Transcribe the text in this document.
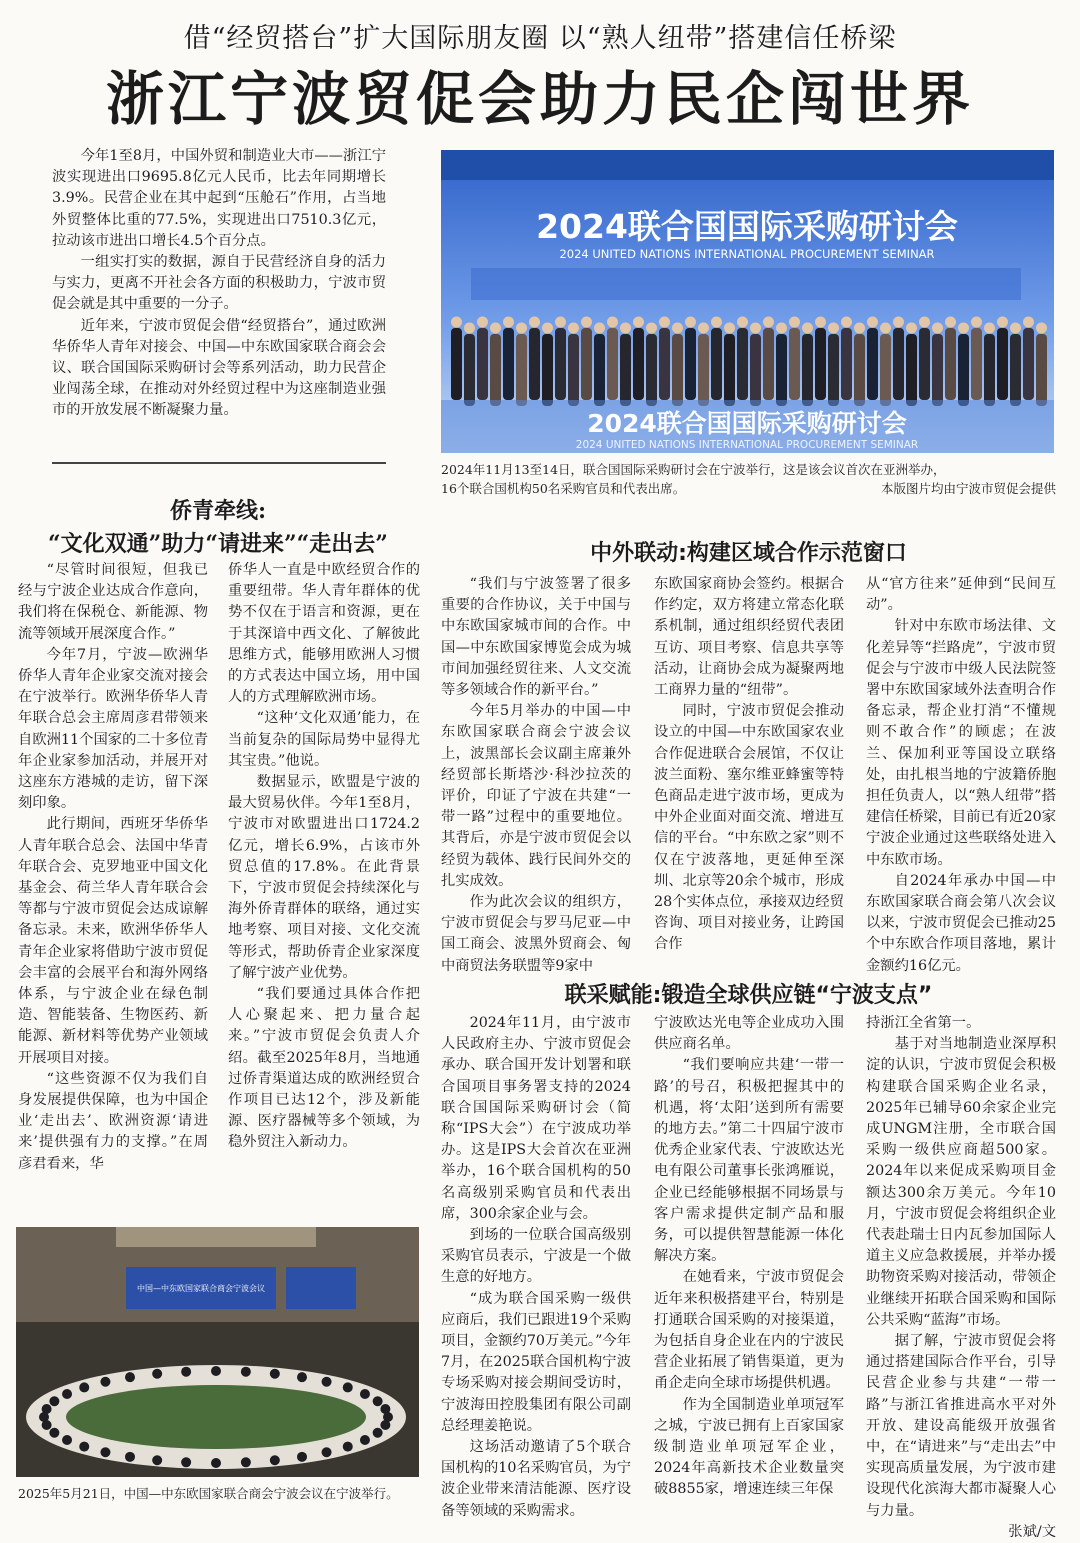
借“经贸搭台”扩大国际朋友圈 以“熟人纽带”搭建信任桥梁
浙江宁波贸促会助力民企闯世界

今年1至8月，中国外贸和制造业大市——浙江宁波实现进出口9695.8亿元人民币，比去年同期增长3.9%。民营企业在其中起到“压舱石”作用，占当地外贸整体比重的77.5%，实现进出口7510.3亿元，拉动该市进出口增长4.5个百分点。

一组实打实的数据，源自于民营经济自身的活力与实力，更离不开社会各方面的积极助力，宁波市贸促会就是其中重要的一分子。

近年来，宁波市贸促会借“经贸搭台”，通过欧洲华侨华人青年对接会、中国—中东欧国家联合商会会议、联合国国际采购研讨会等系列活动，助力民营企业闯荡全球，在推动对外经贸过程中为这座制造业强市的开放发展不断凝聚力量。

2024联合国国际采购研讨会
2024 UNITED NATIONS INTERNATIONAL PROCUREMENT SEMINAR
2024联合国国际采购研讨会
2024 UNITED NATIONS INTERNATIONAL PROCUREMENT SEMINAR
2024年11月13至14日，联合国国际采购研讨会在宁波举行，这是该会议首次在亚洲举办，
16个联合国机构50名采购官员和代表出席。	本版图片均由宁波市贸促会提供
侨青牵线:
“文化双通”助力“请进来”“走出去”

“尽管时间很短，但我已经与宁波企业达成合作意向，我们将在保税仓、新能源、物流等领域开展深度合作。”

今年7月，宁波—欧洲华侨华人青年企业家交流对接会在宁波举行。欧洲华侨华人青年联合总会主席周彦君带领来自欧洲11个国家的二十多位青年企业家参加活动，并展开对这座东方港城的走访，留下深刻印象。

此行期间，西班牙华侨华人青年联合总会、法国中华青年联合会、克罗地亚中国文化基金会、荷兰华人青年联合会等都与宁波市贸促会达成谅解备忘录。未来，欧洲华侨华人青年企业家将借助宁波市贸促会丰富的会展平台和海外网络体系，与宁波企业在绿色制造、智能装备、生物医药、新能源、新材料等优势产业领域开展项目对接。

“这些资源不仅为我们自身发展提供保障，也为中国企业‘走出去’、欧洲资源‘请进来’提供强有力的支撑。”在周彦君看来，华

侨华人一直是中欧经贸合作的重要纽带。华人青年群体的优势不仅在于语言和资源，更在于其深谙中西文化、了解彼此思维方式，能够用欧洲人习惯的方式表达中国立场，用中国人的方式理解欧洲市场。

“这种‘文化双通’能力，在当前复杂的国际局势中显得尤其宝贵。”他说。

数据显示，欧盟是宁波的最大贸易伙伴。今年1至8月，宁波市对欧盟进出口1724.2亿元，增长6.9%，占该市外贸总值的17.8%。在此背景下，宁波市贸促会持续深化与海外侨青群体的联络，通过实地考察、项目对接、文化交流等形式，帮助侨青企业家深度了解宁波产业优势。

“我们要通过具体合作把人心聚起来、把力量合起来。”宁波市贸促会负责人介绍。截至2025年8月，当地通过侨青渠道达成的欧洲经贸合作项目已达12个，涉及新能源、医疗器械等多个领域，为稳外贸注入新动力。

中国—中东欧国家联合商会宁波会议
2025年5月21日，中国—中东欧国家联合商会宁波会议在宁波举行。
中外联动:构建区域合作示范窗口

“我们与宁波签署了很多重要的合作协议，关于中国与中东欧国家城市间的合作。中国—中东欧国家博览会成为城市间加强经贸往来、人文交流等多领域合作的新平台。”

今年5月举办的中国—中东欧国家联合商会宁波会议上，波黑部长会议副主席兼外经贸部长斯塔沙·科沙拉茨的评价，印证了宁波在共建“一带一路”过程中的重要地位。其背后，亦是宁波市贸促会以经贸为载体、践行民间外交的扎实成效。

作为此次会议的组织方，宁波市贸促会与罗马尼亚—中国工商会、波黑外贸商会、匈中商贸法务联盟等9家中

东欧国家商协会签约。根据合作约定，双方将建立常态化联系机制，通过组织经贸代表团互访、项目考察、信息共享等活动，让商协会成为凝聚两地工商界力量的“纽带”。

同时，宁波市贸促会推动设立的中国—中东欧国家农业合作促进联合会展馆，不仅让波兰面粉、塞尔维亚蜂蜜等特色商品走进宁波市场，更成为中外企业面对面交流、增进互信的平台。“中东欧之家”则不仅在宁波落地，更延伸至深圳、北京等20余个城市，形成28个实体点位，承接双边经贸咨询、项目对接业务，让跨国合作

从“官方往来”延伸到“民间互动”。

针对中东欧市场法律、文化差异等“拦路虎”，宁波市贸促会与宁波市中级人民法院签署中东欧国家域外法查明合作备忘录，帮企业打消“不懂规则不敢合作”的顾虑；在波兰、保加利亚等国设立联络处，由扎根当地的宁波籍侨胞担任负责人，以“熟人纽带”搭建信任桥梁，目前已有近20家宁波企业通过这些联络处进入中东欧市场。

自2024年承办中国—中东欧国家联合商会第八次会议以来，宁波市贸促会已推动25个中东欧合作项目落地，累计金额约16亿元。

联采赋能:锻造全球供应链“宁波支点”

2024年11月，由宁波市人民政府主办、宁波市贸促会承办、联合国开发计划署和联合国项目事务署支持的2024联合国国际采购研讨会（简称“IPS大会”）在宁波成功举办。这是IPS大会首次在亚洲举办，16个联合国机构的50名高级别采购官员和代表出席，300余家企业与会。

到场的一位联合国高级别采购官员表示，宁波是一个做生意的好地方。

“成为联合国采购一级供应商后，我们已跟进19个采购项目，金额约70万美元。”今年7月，在2025联合国机构宁波专场采购对接会期间受访时，宁波海田控股集团有限公司副总经理姜艳说。

这场活动邀请了5个联合国机构的10名采购官员，为宁波企业带来清洁能源、医疗设备等领域的采购需求。

宁波欧达光电等企业成功入围供应商名单。

“我们要响应共建‘一带一路’的号召，积极把握其中的机遇，将‘太阳’送到所有需要的地方去。”第二十四届宁波市优秀企业家代表、宁波欧达光电有限公司董事长张鸿雁说，企业已经能够根据不同场景与客户需求提供定制产品和服务，可以提供智慧能源一体化解决方案。

在她看来，宁波市贸促会近年来积极搭建平台，特别是打通联合国采购的对接渠道，为包括自身企业在内的宁波民营企业拓展了销售渠道，更为甬企走向全球市场提供机遇。

作为全国制造业单项冠军之城，宁波已拥有上百家国家级制造业单项冠军企业，2024年高新技术企业数量突破8855家，增速连续三年保

持浙江全省第一。

基于对当地制造业深厚积淀的认识，宁波市贸促会积极构建联合国采购企业名录，2025年已辅导60余家企业完成UNGM注册，全市联合国采购一级供应商超500家。2024年以来促成采购项目金额达300余万美元。今年10月，宁波市贸促会将组织企业代表赴瑞士日内瓦参加国际人道主义应急救援展，并举办援助物资采购对接活动，带领企业继续开拓联合国采购和国际公共采购“蓝海”市场。

据了解，宁波市贸促会将通过搭建国际合作平台，引导民营企业参与共建“一带一路”与浙江省推进高水平对外开放、建设高能级开放强省中，在“请进来”与“走出去”中实现高质量发展，为宁波市建设现代化滨海大都市凝聚人心与力量。

张斌/文
